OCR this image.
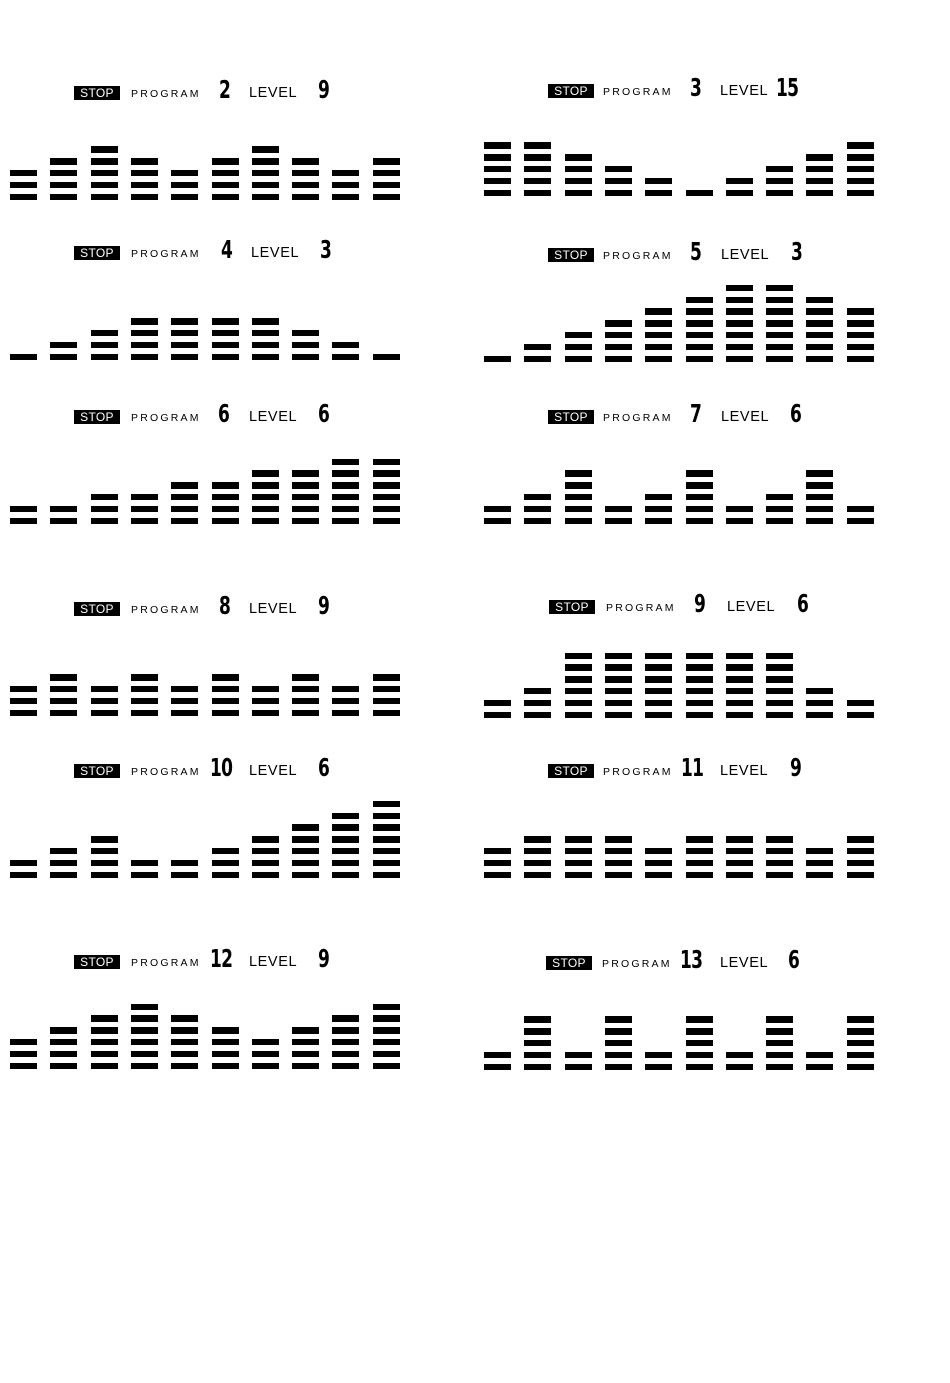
STOP	PROGRAM 2 LEVEL 9	STOP	PROGRAM 3 LEVEL 15
STOP	PROGRAM 4 LEVEL 3	STOP	PROGRAM 5 LEVEL 3
STOP	PROGRAM 6 LEVEL 6	STOP	PROGRAM 7 LEVEL 6
STOP	PROGRAM 8 LEVEL 9	STOP	PROGRAM 9 LEVEL 6
STOP	PROGRAM 10 LEVEL 6	STOP	PROGRAM 11 LEVEL 9
STOP	PROGRAM 12 LEVEL 9	STOP	PROGRAM 13 LEVEL 6
